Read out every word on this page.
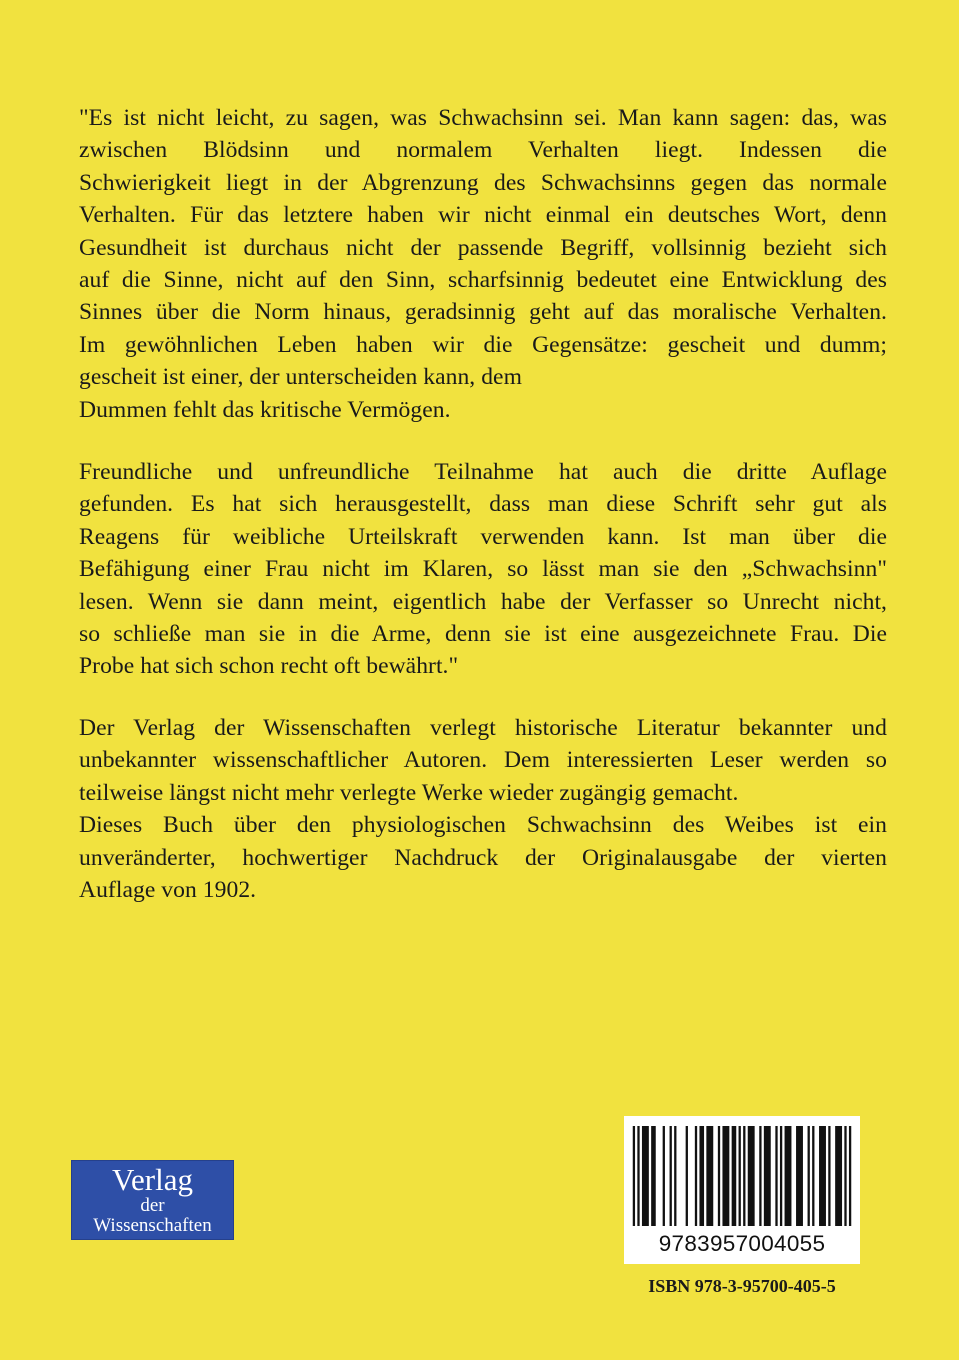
"Es ist nicht leicht, zu sagen, was Schwachsinn sei. Man kann sagen: das, was
zwischen Blödsinn und normalem Verhalten liegt. Indessen die
Schwierigkeit liegt in der Abgrenzung des Schwachsinns gegen das normale
Verhalten. Für das letztere haben wir nicht einmal ein deutsches Wort, denn
Gesundheit ist durchaus nicht der passende Begriff, vollsinnig bezieht sich
auf die Sinne, nicht auf den Sinn, scharfsinnig bedeutet eine Entwicklung des
Sinnes über die Norm hinaus, geradsinnig geht auf das moralische Verhalten.
Im gewöhnlichen Leben haben wir die Gegensätze: gescheit und dumm;
gescheit ist einer, der unterscheiden kann, dem
Dummen fehlt das kritische Vermögen.
Freundliche und unfreundliche Teilnahme hat auch die dritte Auflage
gefunden. Es hat sich herausgestellt, dass man diese Schrift sehr gut als
Reagens für weibliche Urteilskraft verwenden kann. Ist man über die
Befähigung einer Frau nicht im Klaren, so lässt man sie den „Schwachsinn"
lesen. Wenn sie dann meint, eigentlich habe der Verfasser so Unrecht nicht,
so schließe man sie in die Arme, denn sie ist eine ausgezeichnete Frau. Die
Probe hat sich schon recht oft bewährt."
Der Verlag der Wissenschaften verlegt historische Literatur bekannter und
unbekannter wissenschaftlicher Autoren. Dem interessierten Leser werden so
teilweise längst nicht mehr verlegte Werke wieder zugängig gemacht.
Dieses Buch über den physiologischen Schwachsinn des Weibes ist ein
unveränderter, hochwertiger Nachdruck der Originalausgabe der vierten
Auflage von 1902.
Verlag
der
Wissenschaften
9783957004055
ISBN 978-3-95700-405-5
